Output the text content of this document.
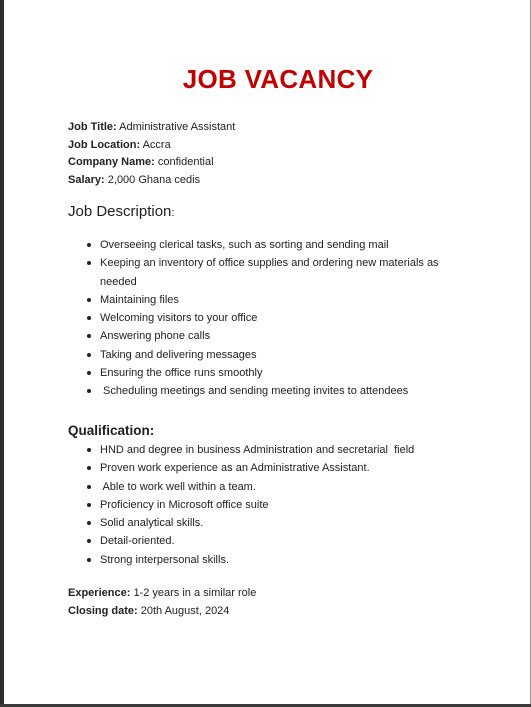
JOB VACANCY
Job Title: Administrative Assistant
Job Location: Accra
Company Name: confidential
Salary: 2,000 Ghana cedis
Job Description:
Overseeing clerical tasks, such as sorting and sending mail
Keeping an inventory of office supplies and ordering new materials as needed
Maintaining files
Welcoming visitors to your office
Answering phone calls
Taking and delivering messages
Ensuring the office runs smoothly
Scheduling meetings and sending meeting invites to attendees
Qualification:
HND and degree in business Administration and secretarial  field
Proven work experience as an Administrative Assistant.
Able to work well within a team.
Proficiency in Microsoft office suite
Solid analytical skills.
Detail-oriented.
Strong interpersonal skills.
Experience: 1-2 years in a similar role
Closing date: 20th August, 2024
